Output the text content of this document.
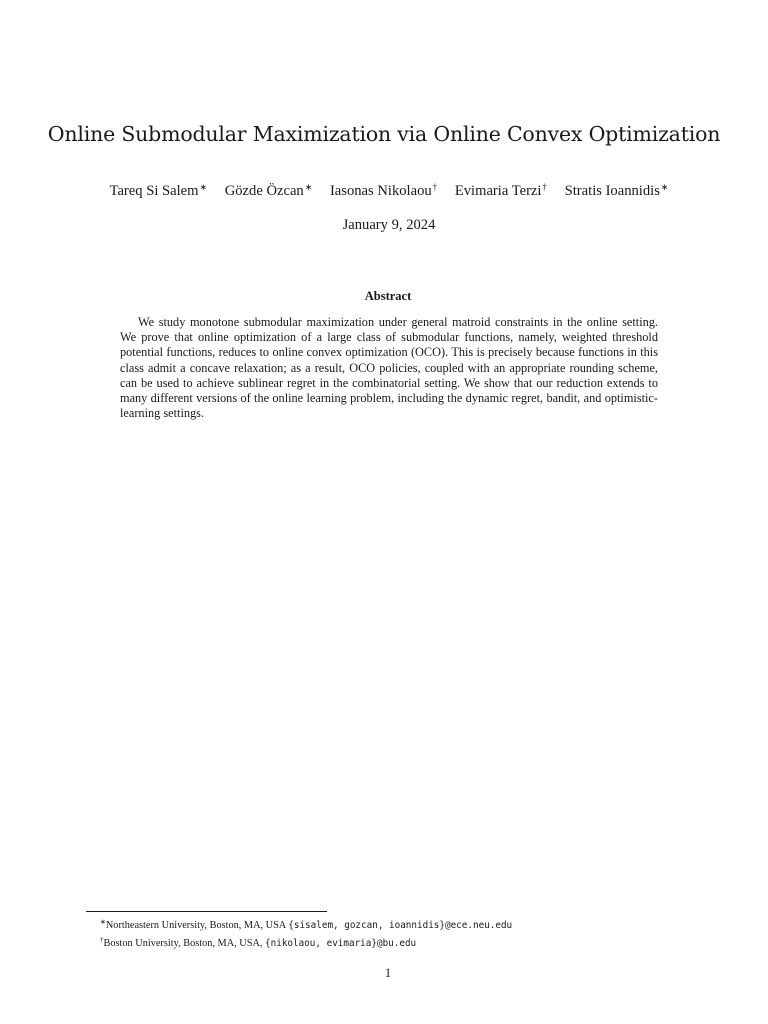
Online Submodular Maximization via Online Convex Optimization
Tareq Si Salem∗ Gözde Özcan∗ Iasonas Nikolaou† Evimaria Terzi† Stratis Ioannidis∗
January 9, 2024
Abstract

We study monotone submodular maximization under general matroid constraints in the online setting. We prove that online optimization of a large class of submodular functions, namely, weighted threshold potential functions, reduces to online convex optimization (OCO). This is precisely because functions in this class admit a concave relaxation; as a result, OCO policies, coupled with an appropriate rounding scheme, can be used to achieve sublinear regret in the combinatorial setting. We show that our reduction extends to many different versions of the online learning problem, including the dynamic regret, bandit, and optimistic-learning settings.

∗Northeastern University, Boston, MA, USA {sisalem, gozcan, ioannidis}@ece.neu.edu
†Boston University, Boston, MA, USA, {nikolaou, evimaria}@bu.edu
1
